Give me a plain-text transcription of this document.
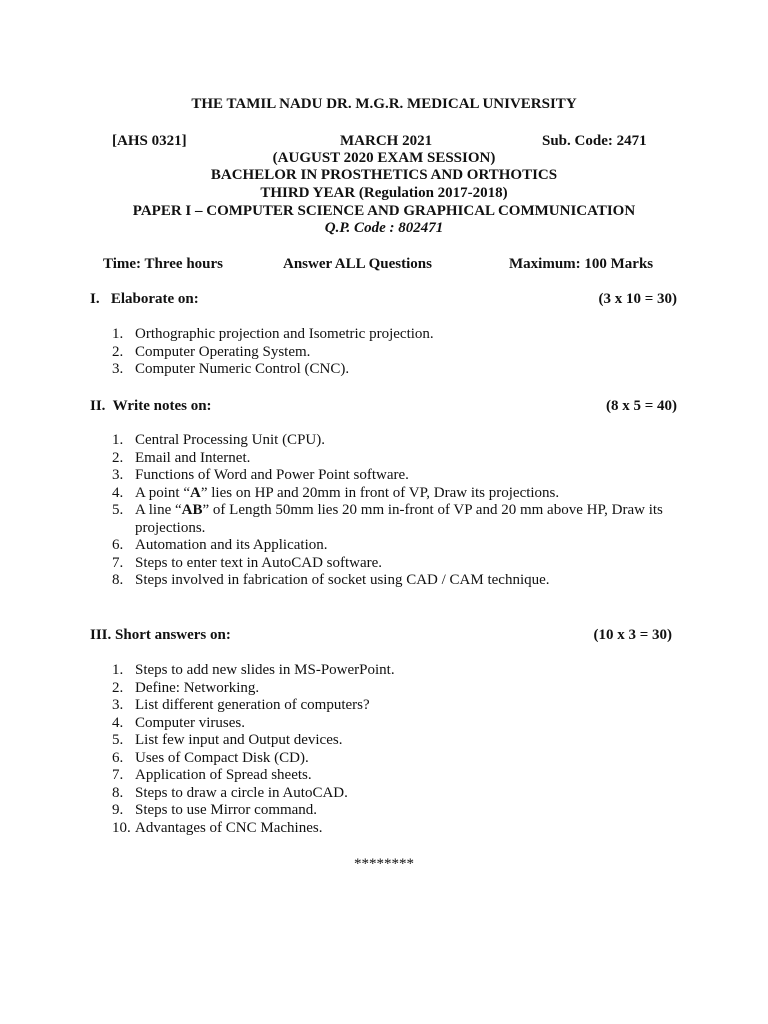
THE TAMIL NADU DR. M.G.R. MEDICAL UNIVERSITY
[AHS 0321]	MARCH 2021	Sub. Code: 2471
(AUGUST 2020 EXAM SESSION)
BACHELOR IN PROSTHETICS AND ORTHOTICS
THIRD YEAR (Regulation 2017-2018)
PAPER I – COMPUTER SCIENCE AND GRAPHICAL COMMUNICATION
Q.P. Code : 802471
Time: Three hours	Answer ALL Questions	Maximum: 100 Marks
I.   Elaborate on:	(3 x 10 = 30)
1. Orthographic projection and Isometric projection.
2. Computer Operating System.
3. Computer Numeric Control (CNC).
II.  Write notes on:	(8 x 5 = 40)
1. Central Processing Unit (CPU).
2. Email and Internet.
3. Functions of Word and Power Point software.
4. A point “A” lies on HP and 20mm in front of VP, Draw its projections.
5. A line “AB” of Length 50mm lies 20 mm in-front of VP and 20 mm above HP, Draw its projections.
6. Automation and its Application.
7. Steps to enter text in AutoCAD software.
8. Steps involved in fabrication of socket using CAD / CAM technique.
III. Short answers on:	(10 x 3 = 30)
1. Steps to add new slides in MS-PowerPoint.
2. Define: Networking.
3. List different generation of computers?
4. Computer viruses.
5. List few input and Output devices.
6. Uses of Compact Disk (CD).
7. Application of Spread sheets.
8. Steps to draw a circle in AutoCAD.
9. Steps to use Mirror command.
10. Advantages of CNC Machines.
********
